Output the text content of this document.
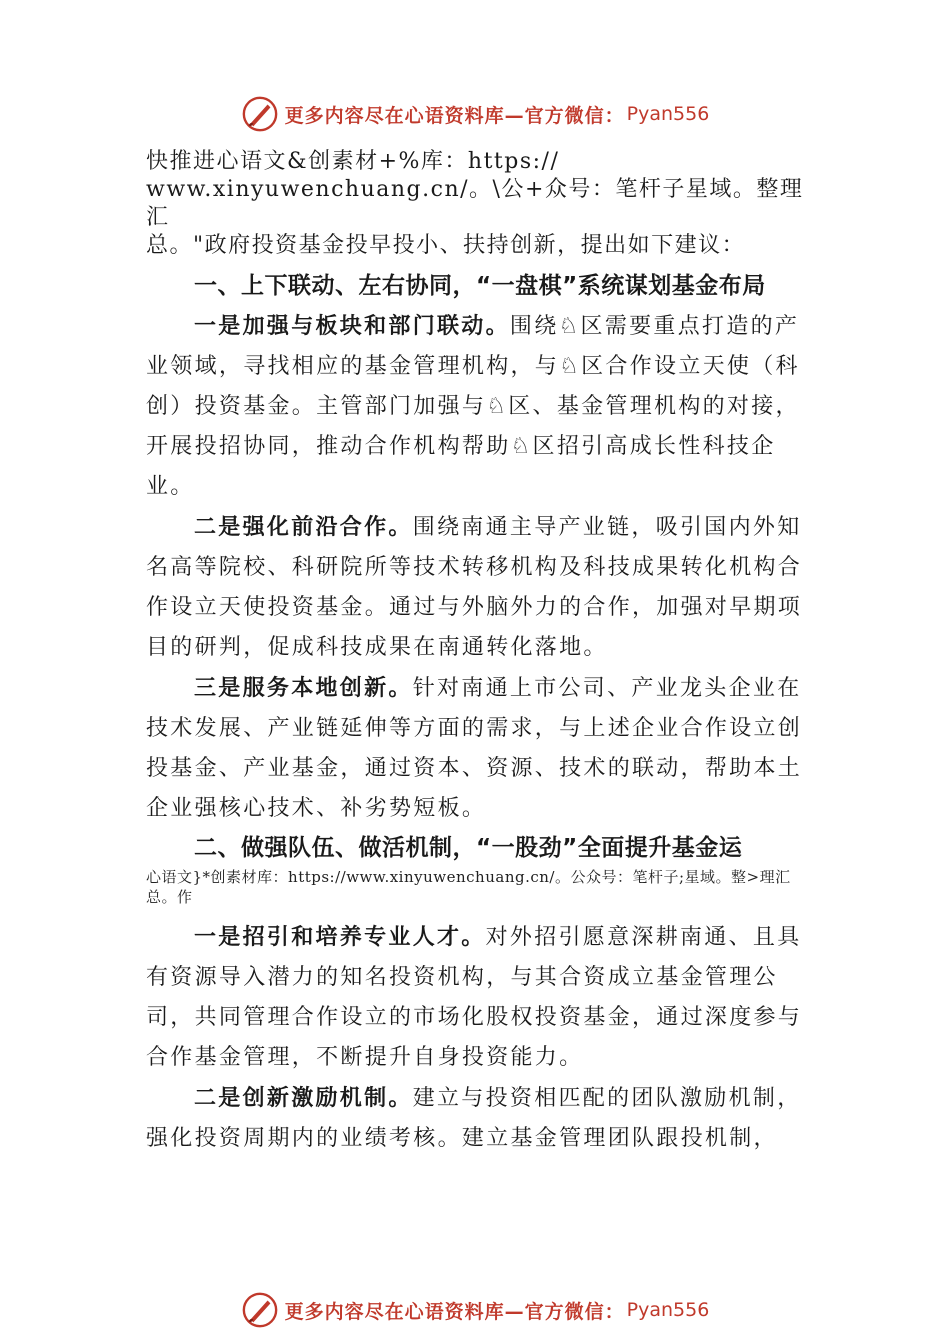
更多内容尽在心语资料库—官方微信： Pyan556

快推进心语文&创素材+%库：https://

www.xinyuwenchuang.cn/。\公+众号：笔杆子星域。整理汇

总。"政府投资基金投早投小、扶持创新，提出如下建议：

一、上下联动、左右协同，“一盘棋”系统谋划基金布局

一是加强与板块和部门联动。围绕♘区需要重点打造的产业领域，寻找相应的基金管理机构，与♘区合作设立天使（科创）投资基金。主管部门加强与♘区、基金管理机构的对接，开展投招协同，推动合作机构帮助♘区招引高成长性科技企业。

二是强化前沿合作。围绕南通主导产业链，吸引国内外知名高等院校、科研院所等技术转移机构及科技成果转化机构合作设立天使投资基金。通过与外脑外力的合作，加强对早期项目的研判，促成科技成果在南通转化落地。

三是服务本地创新。针对南通上市公司、产业龙头企业在技术发展、产业链延伸等方面的需求，与上述企业合作设立创投基金、产业基金，通过资本、资源、技术的联动，帮助本土企业强核心技术、补劣势短板。

二、做强队伍、做活机制，“一股劲”全面提升基金运

心语文}*创素材库：https://www.xinyuwenchuang.cn/。公众号：笔杆子;星域。整>理汇总。作

一是招引和培养专业人才。对外招引愿意深耕南通、且具有资源导入潜力的知名投资机构，与其合资成立基金管理公司，共同管理合作设立的市场化股权投资基金，通过深度参与合作基金管理，不断提升自身投资能力。

二是创新激励机制。建立与投资相匹配的团队激励机制，强化投资周期内的业绩考核。建立基金管理团队跟投机制，

更多内容尽在心语资料库—官方微信： Pyan556
